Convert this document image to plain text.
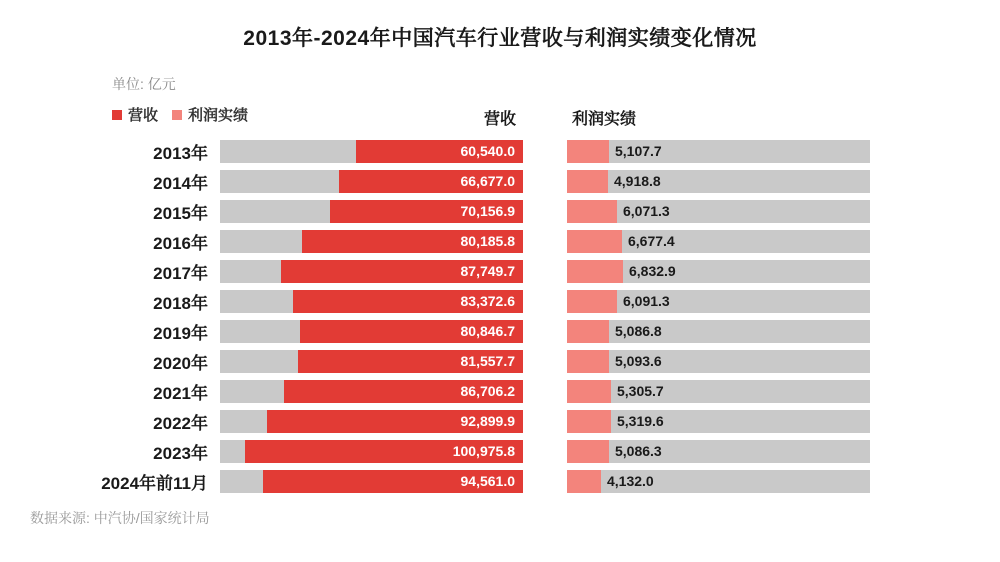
2013年-2024年中国汽车行业营收与利润实绩变化情况
单位: 亿元
营收 利润实绩	营收	利润实绩
2013年	60,540.0	5,107.7
2014年	66,677.0	4,918.8
2015年	70,156.9	6,071.3
2016年	80,185.8	6,677.4
2017年	87,749.7	6,832.9
2018年	83,372.6	6,091.3
2019年	80,846.7	5,086.8
2020年	81,557.7	5,093.6
2021年	86,706.2	5,305.7
2022年	92,899.9	5,319.6
2023年	100,975.8	5,086.3
2024年前11月	94,561.0	4,132.0
数据来源: 中汽协/国家统计局
